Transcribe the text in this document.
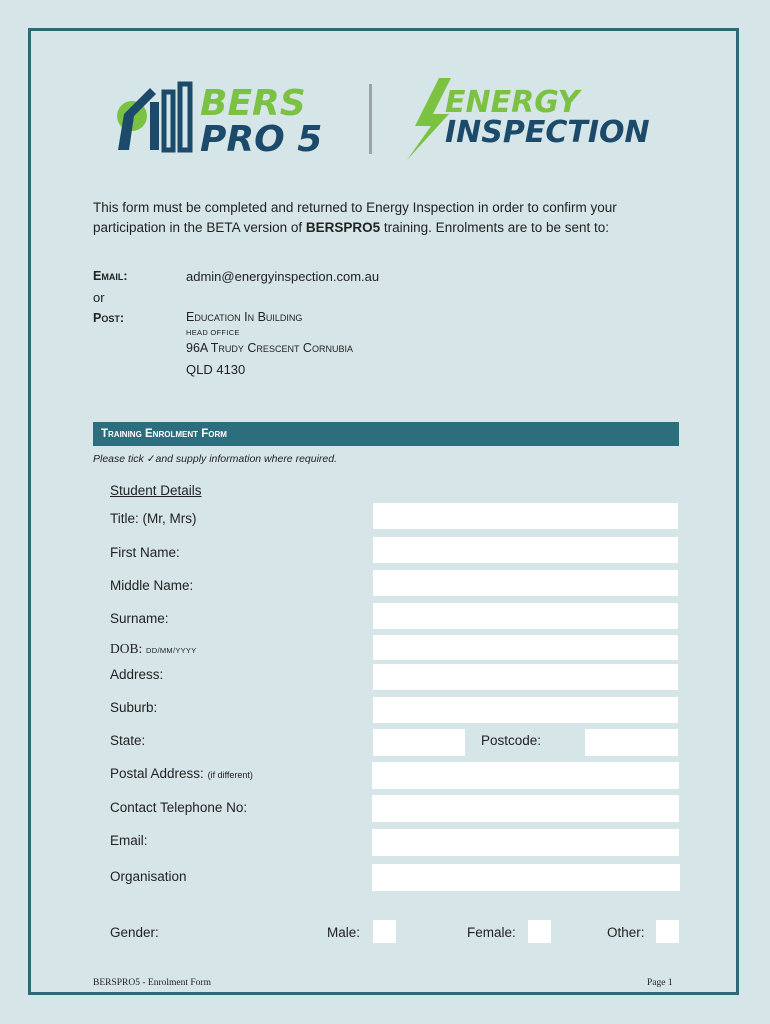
BERS
PRO 5
ENERGY
INSPECTION
This form must be completed and returned to Energy Inspection in order to confirm your participation in the BETA version of BERSPRO5 training. Enrolments are to be sent to:
Email:	admin@energyinspection.com.au
or
Post:	Education In Building
HEAD OFFICE
96A Trudy Crescent Cornubia
QLD 4130
Training Enrolment Form
Please tick ✓and supply information where required.
Student Details
Title: (Mr, Mrs)
First Name:
Middle Name:
Surname:
DOB: DD/MM/YYYY
Address:
Suburb:
State:	Postcode:
Postal Address: (if different)
Contact Telephone No:
Email:
Organisation
Gender:	Male:	Female:	Other:
BERSPRO5 - Enrolment Form	Page 1
